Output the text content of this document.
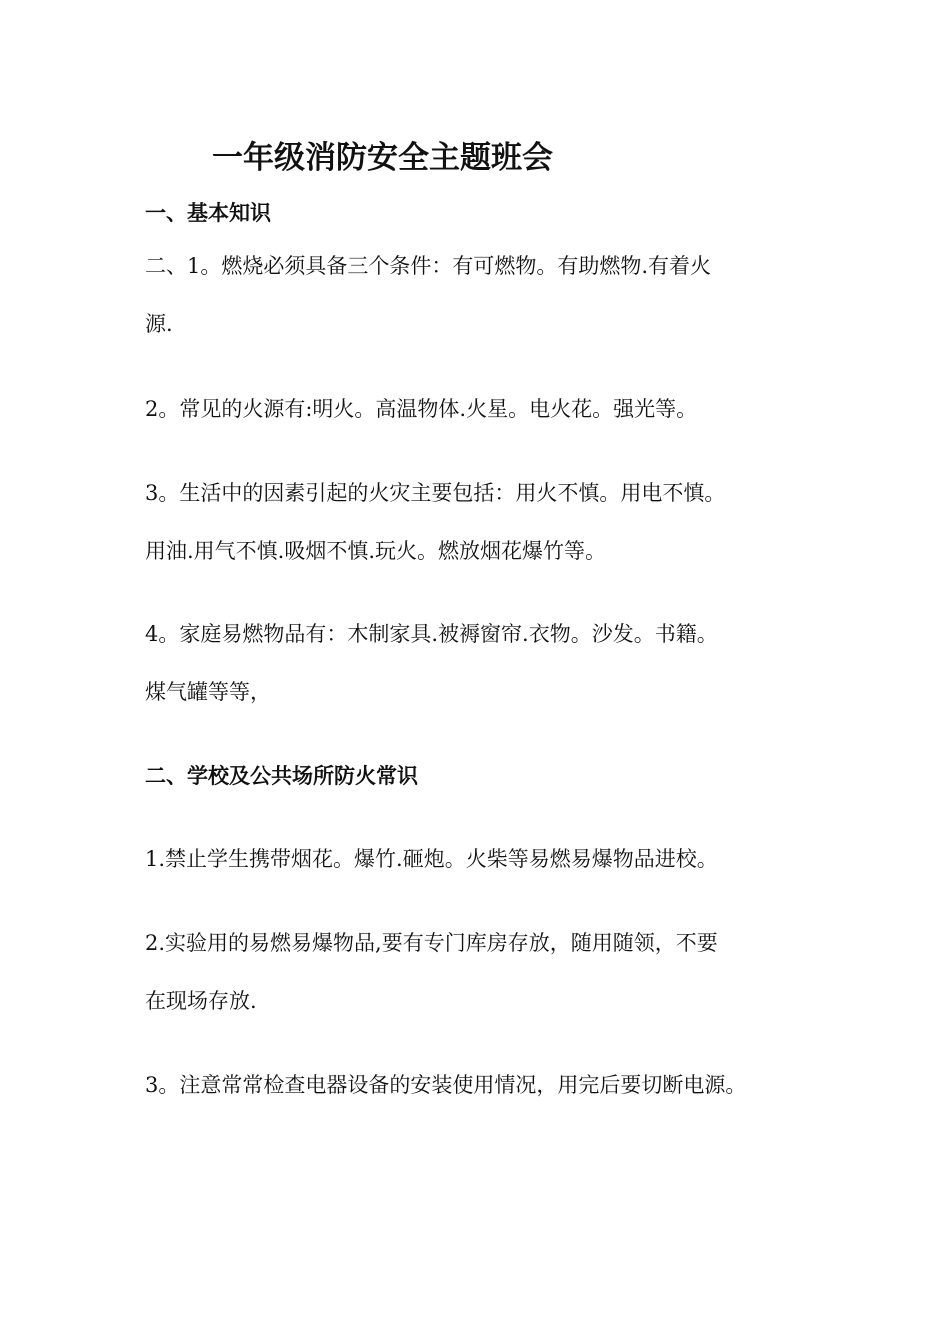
一年级消防安全主题班会
一、基本知识

二、1。燃烧必须具备三个条件：有可燃物。有助燃物.有着火

源.

2。常见的火源有:明火。高温物体.火星。电火花。强光等。

3。生活中的因素引起的火灾主要包括：用火不慎。用电不慎。

用油.用气不慎.吸烟不慎.玩火。燃放烟花爆竹等。

4。家庭易燃物品有：木制家具.被褥窗帘.衣物。沙发。书籍。

煤气罐等等，

二、学校及公共场所防火常识

1.禁止学生携带烟花。爆竹.砸炮。火柴等易燃易爆物品进校。

2.实验用的易燃易爆物品,要有专门库房存放，随用随领，不要

在现场存放.

3。注意常常检查电器设备的安装使用情况，用完后要切断电源。
